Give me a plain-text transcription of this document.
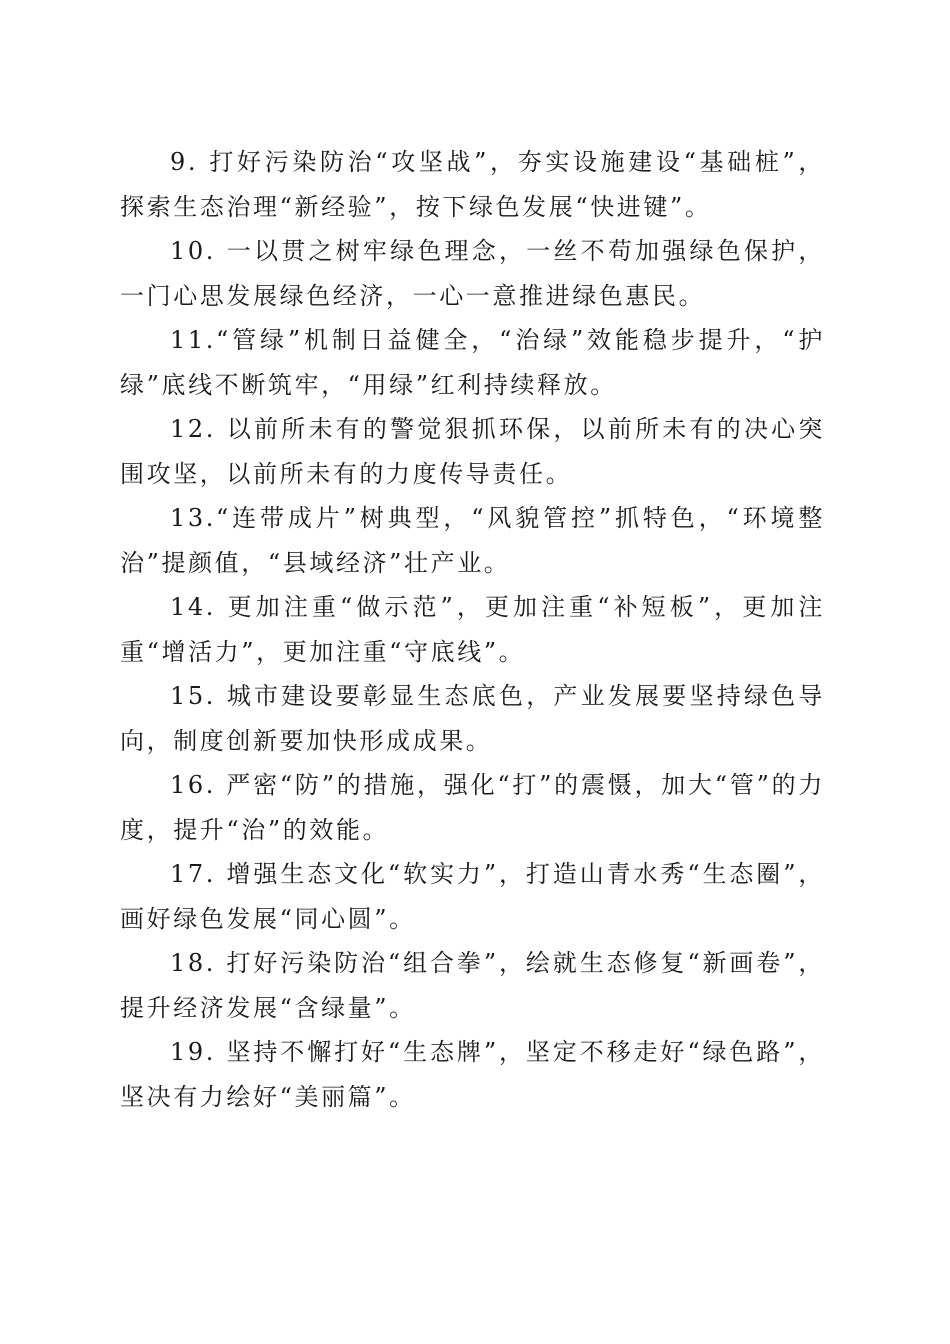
9. 打好污染防治“攻坚战”，夯实设施建设“基础桩”，探索生态治理“新经验”，按下绿色发展“快进键”。

10. 一以贯之树牢绿色理念，一丝不苟加强绿色保护，一门心思发展绿色经济，一心一意推进绿色惠民。

11.“管绿”机制日益健全，“治绿”效能稳步提升，“护绿”底线不断筑牢，“用绿”红利持续释放。

12. 以前所未有的警觉狠抓环保，以前所未有的决心突围攻坚，以前所未有的力度传导责任。

13.“连带成片”树典型，“风貌管控”抓特色，“环境整治”提颜值，“县域经济”壮产业。

14. 更加注重“做示范”，更加注重“补短板”，更加注重“增活力”，更加注重“守底线”。

15. 城市建设要彰显生态底色，产业发展要坚持绿色导向，制度创新要加快形成成果。

16. 严密“防”的措施，强化“打”的震慑，加大“管”的力度，提升“治”的效能。

17. 增强生态文化“软实力”，打造山青水秀“生态圈”，画好绿色发展“同心圆”。

18. 打好污染防治“组合拳”，绘就生态修复“新画卷”，提升经济发展“含绿量”。

19. 坚持不懈打好“生态牌”，坚定不移走好“绿色路”，坚决有力绘好“美丽篇”。
